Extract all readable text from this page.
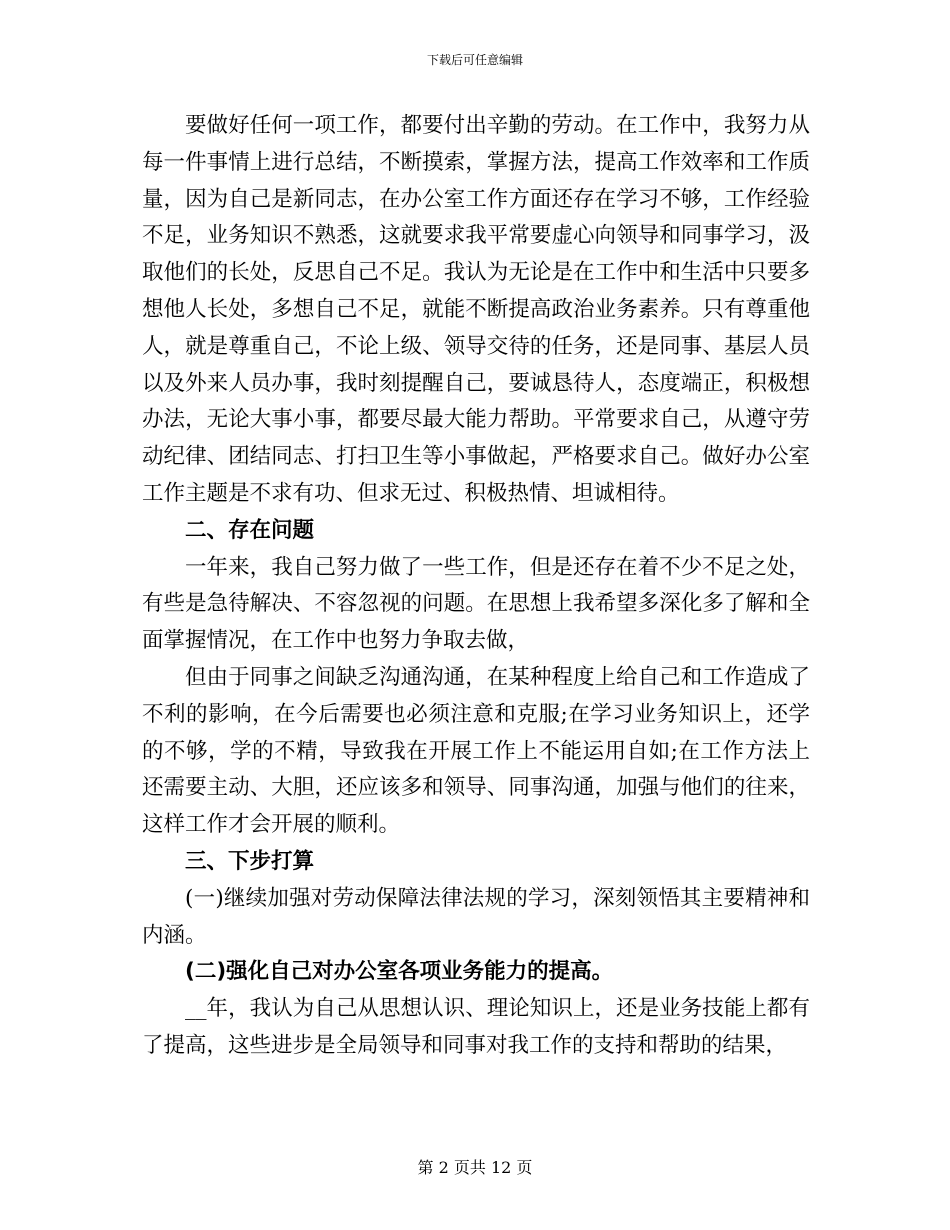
下载后可任意编辑

要做好任何一项工作，都要付出辛勤的劳动。在工作中，我努力从每一件事情上进行总结，不断摸索，掌握方法，提高工作效率和工作质量，因为自己是新同志，在办公室工作方面还存在学习不够，工作经验不足，业务知识不熟悉，这就要求我平常要虚心向领导和同事学习，汲取他们的长处，反思自己不足。我认为无论是在工作中和生活中只要多想他人长处，多想自己不足，就能不断提高政治业务素养。只有尊重他人，就是尊重自己，不论上级、领导交待的任务，还是同事、基层人员以及外来人员办事，我时刻提醒自己，要诚恳待人，态度端正，积极想办法，无论大事小事，都要尽最大能力帮助。平常要求自己，从遵守劳动纪律、团结同志、打扫卫生等小事做起，严格要求自己。做好办公室工作主题是不求有功、但求无过、积极热情、坦诚相待。

二、存在问题

一年来，我自己努力做了一些工作，但是还存在着不少不足之处，有些是急待解决、不容忽视的问题。在思想上我希望多深化多了解和全面掌握情况，在工作中也努力争取去做，

但由于同事之间缺乏沟通沟通，在某种程度上给自己和工作造成了不利的影响，在今后需要也必须注意和克服;在学习业务知识上，还学的不够，学的不精，导致我在开展工作上不能运用自如;在工作方法上还需要主动、大胆，还应该多和领导、同事沟通，加强与他们的往来，这样工作才会开展的顺利。

三、下步打算

(一)继续加强对劳动保障法律法规的学习，深刻领悟其主要精神和内涵。

(二)强化自己对办公室各项业务能力的提高。

__年，我认为自己从思想认识、理论知识上，还是业务技能上都有了提高，这些进步是全局领导和同事对我工作的支持和帮助的结果，

第 2 页共 12 页
